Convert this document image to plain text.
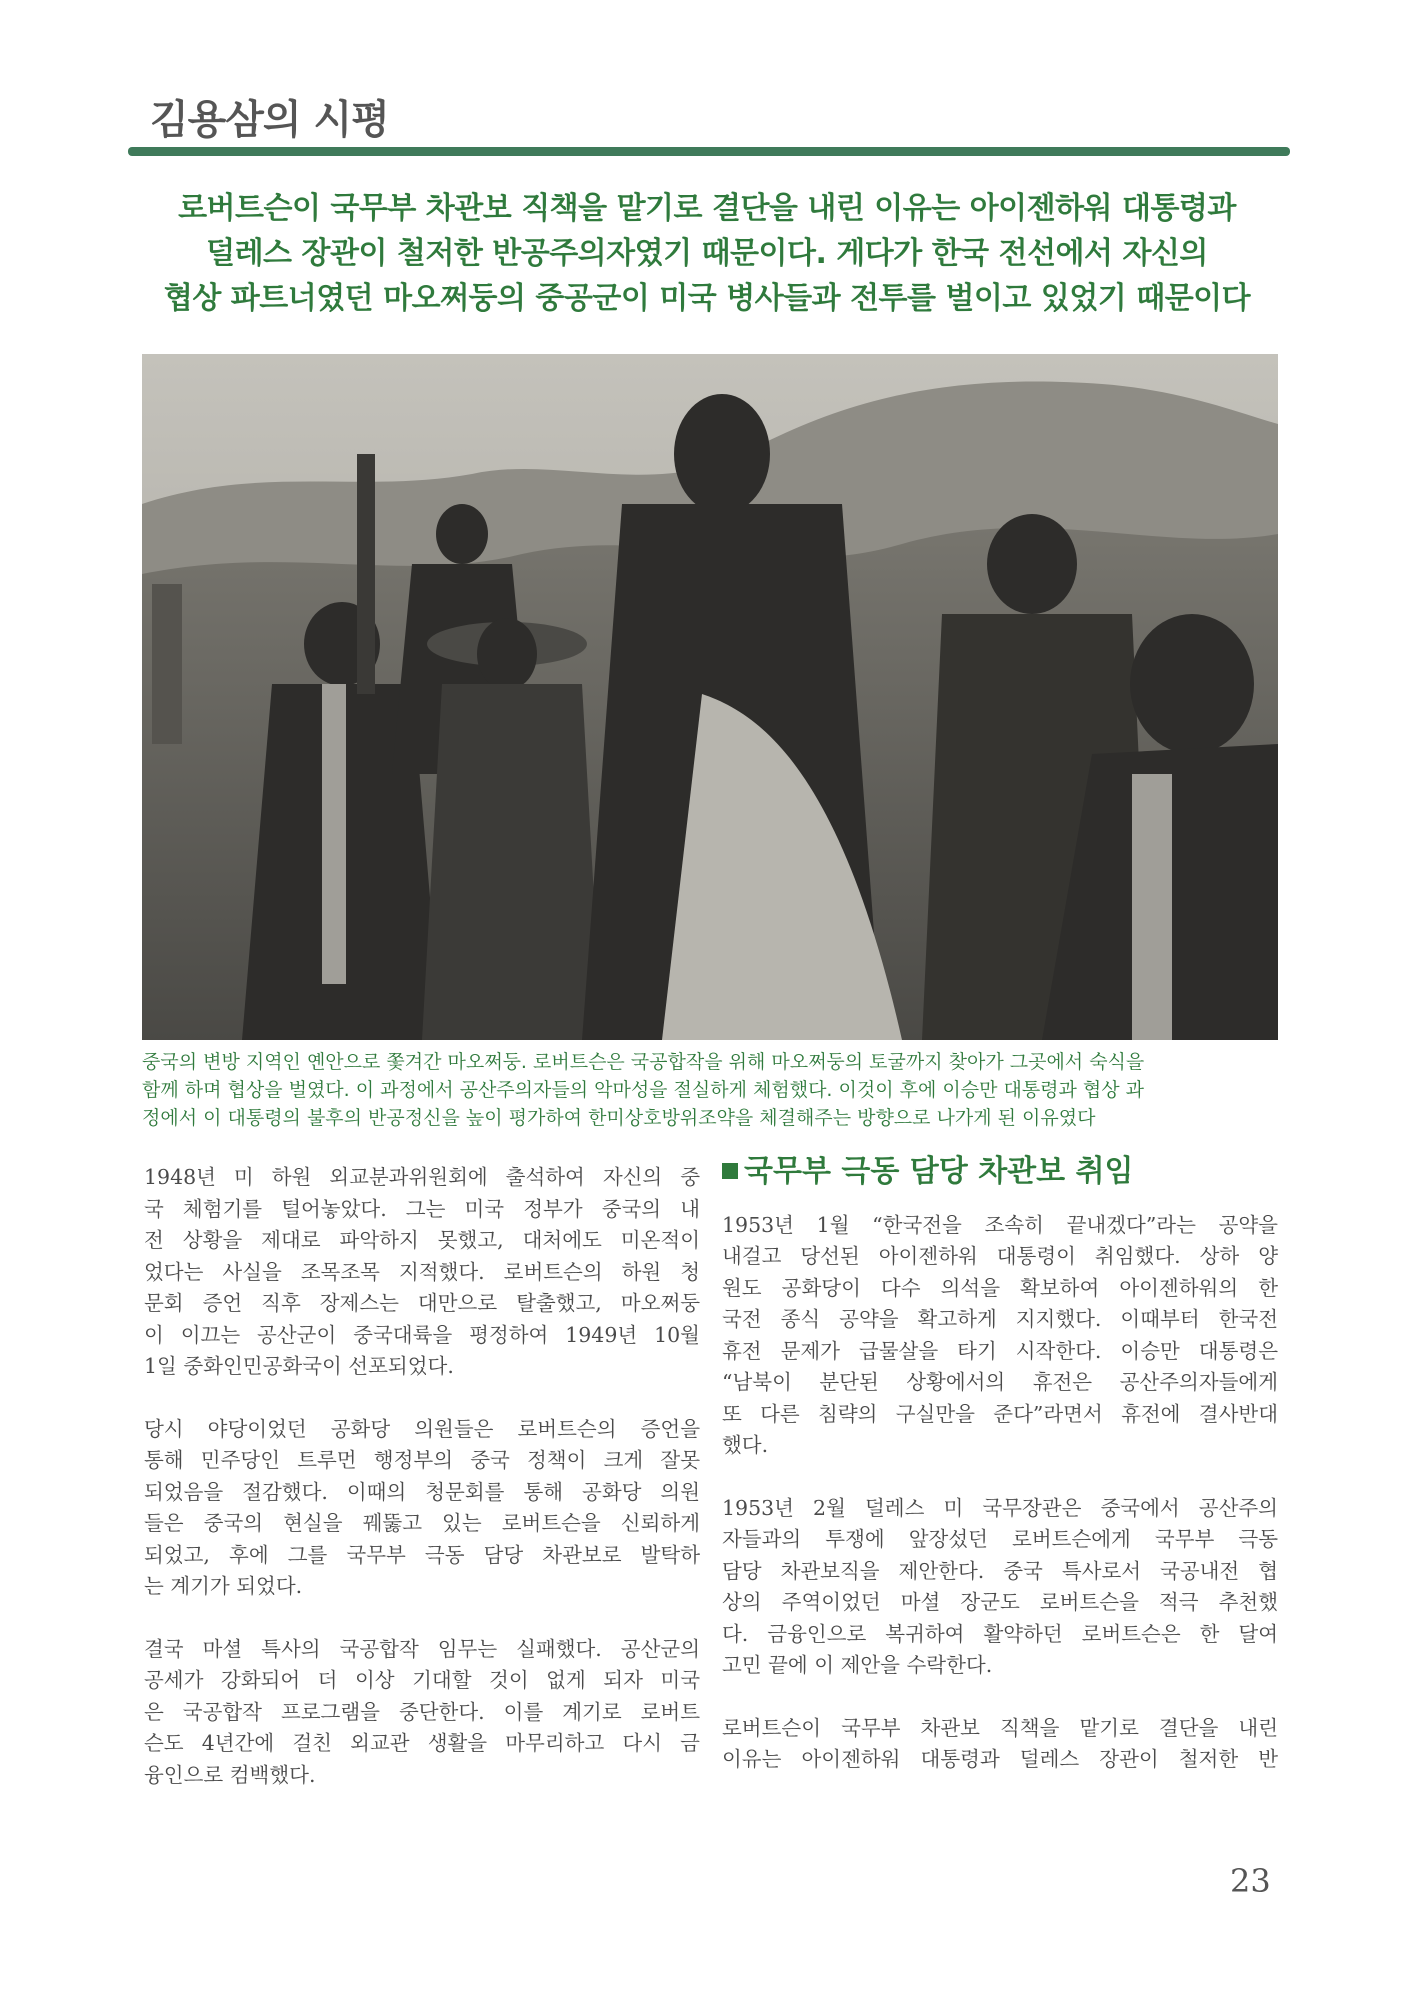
김용삼의 시평
로버트슨이 국무부 차관보 직책을 맡기로 결단을 내린 이유는 아이젠하워 대통령과
덜레스 장관이 철저한 반공주의자였기 때문이다. 게다가 한국 전선에서 자신의
협상 파트너였던 마오쩌둥의 중공군이 미국 병사들과 전투를 벌이고 있었기 때문이다
중국의 변방 지역인 옌안으로 쫓겨간 마오쩌둥. 로버트슨은 국공합작을 위해 마오쩌둥의 토굴까지 찾아가 그곳에서 숙식을
함께 하며 협상을 벌였다. 이 과정에서 공산주의자들의 악마성을 절실하게 체험했다. 이것이 후에 이승만 대통령과 협상 과
정에서 이 대통령의 불후의 반공정신을 높이 평가하여 한미상호방위조약을 체결해주는 방향으로 나가게 된 이유였다
1948년 미 하원 외교분과위원회에 출석하여 자신의 중
국 체험기를 털어놓았다. 그는 미국 정부가 중국의 내
전 상황을 제대로 파악하지 못했고, 대처에도 미온적이
었다는 사실을 조목조목 지적했다. 로버트슨의 하원 청
문회 증언 직후 장제스는 대만으로 탈출했고, 마오쩌둥
이 이끄는 공산군이 중국대륙을 평정하여 1949년 10월
1일 중화인민공화국이 선포되었다.
당시 야당이었던 공화당 의원들은 로버트슨의 증언을
통해 민주당인 트루먼 행정부의 중국 정책이 크게 잘못
되었음을 절감했다. 이때의 청문회를 통해 공화당 의원
들은 중국의 현실을 꿰뚫고 있는 로버트슨을 신뢰하게
되었고, 후에 그를 국무부 극동 담당 차관보로 발탁하
는 계기가 되었다.
결국 마셜 특사의 국공합작 임무는 실패했다. 공산군의
공세가 강화되어 더 이상 기대할 것이 없게 되자 미국
은 국공합작 프로그램을 중단한다. 이를 계기로 로버트
슨도 4년간에 걸친 외교관 생활을 마무리하고 다시 금
융인으로 컴백했다.
국무부 극동 담당 차관보 취임
1953년 1월 “한국전을 조속히 끝내겠다”라는 공약을
내걸고 당선된 아이젠하워 대통령이 취임했다. 상하 양
원도 공화당이 다수 의석을 확보하여 아이젠하워의 한
국전 종식 공약을 확고하게 지지했다. 이때부터 한국전
휴전 문제가 급물살을 타기 시작한다. 이승만 대통령은
“남북이 분단된 상황에서의 휴전은 공산주의자들에게
또 다른 침략의 구실만을 준다”라면서 휴전에 결사반대
했다.
1953년 2월 덜레스 미 국무장관은 중국에서 공산주의
자들과의 투쟁에 앞장섰던 로버트슨에게 국무부 극동
담당 차관보직을 제안한다. 중국 특사로서 국공내전 협
상의 주역이었던 마셜 장군도 로버트슨을 적극 추천했
다. 금융인으로 복귀하여 활약하던 로버트슨은 한 달여
고민 끝에 이 제안을 수락한다.
로버트슨이 국무부 차관보 직책을 맡기로 결단을 내린
이유는 아이젠하워 대통령과 덜레스 장관이 철저한 반
23
